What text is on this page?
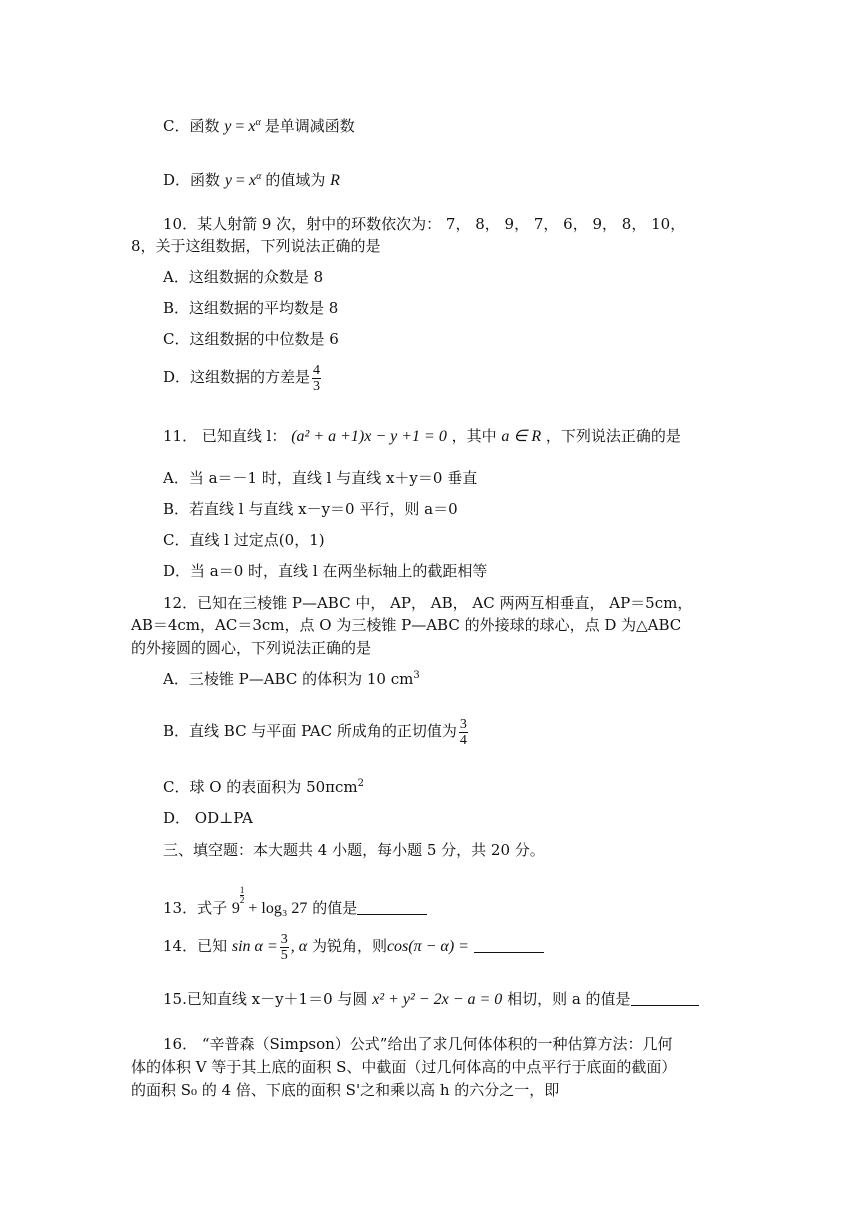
C．函数 $y = x^\alpha$ 是单调减函数
D．函数 $y = x^\alpha$ 的值域为 R
10．某人射箭 9 次，射中的环数依次为： 7， 8， 9， 7， 6， 9， 8， 10，
8，关于这组数据，下列说法正确的是
A．这组数据的众数是 8
B．这组数据的平均数是 8
C．这组数据的中位数是 6
D．这组数据的方差是 $\frac{4}{3}$
11． 已知直线 l： (a² + a +1)x − y +1 = 0 ，其中 a ∈ R ，下列说法正确的是
A．当 a＝－1 时，直线 l 与直线 x＋y＝0 垂直
B．若直线 l 与直线 x－y＝0 平行，则 a＝0
C．直线 l 过定点(0，1)
D．当 a＝0 时，直线 l 在两坐标轴上的截距相等
12．已知在三棱锥 P—ABC 中， AP， AB， AC 两两互相垂直， AP＝5cm，
AB＝4cm，AC＝3cm，点 O 为三棱锥 P—ABC 的外接球的球心，点 D 为△ABC
的外接圆的圆心，下列说法正确的是
A．三棱锥 P—ABC 的体积为 10 $cm^3$
B．直线 BC 与平面 PAC 所成角的正切值为 $\frac{3}{4}$
C．球 O 的表面积为 50πcm$^2$
D． OD⊥PA
三、填空题：本大题共 4 小题，每小题 5 分，共 20 分。
13．式子 9
$\frac{1}{2}$
+ log₃ 27 的值是
14．已知 $\sin \alpha = \frac{3}{5}$ , α 为锐角，则cos(π − α) =
15.已知直线 x－y＋1＝0 与圆 x² + y² − 2x − a = 0 相切，则 a 的值是
16． “辛普森（Simpson）公式”给出了求几何体体积的一种估算方法：几何
体的体积 V 等于其上底的面积 S、中截面（过几何体高的中点平行于底面的截面）
的面积 S₀ 的 4 倍、下底的面积 S'之和乘以高 h 的六分之一，即
